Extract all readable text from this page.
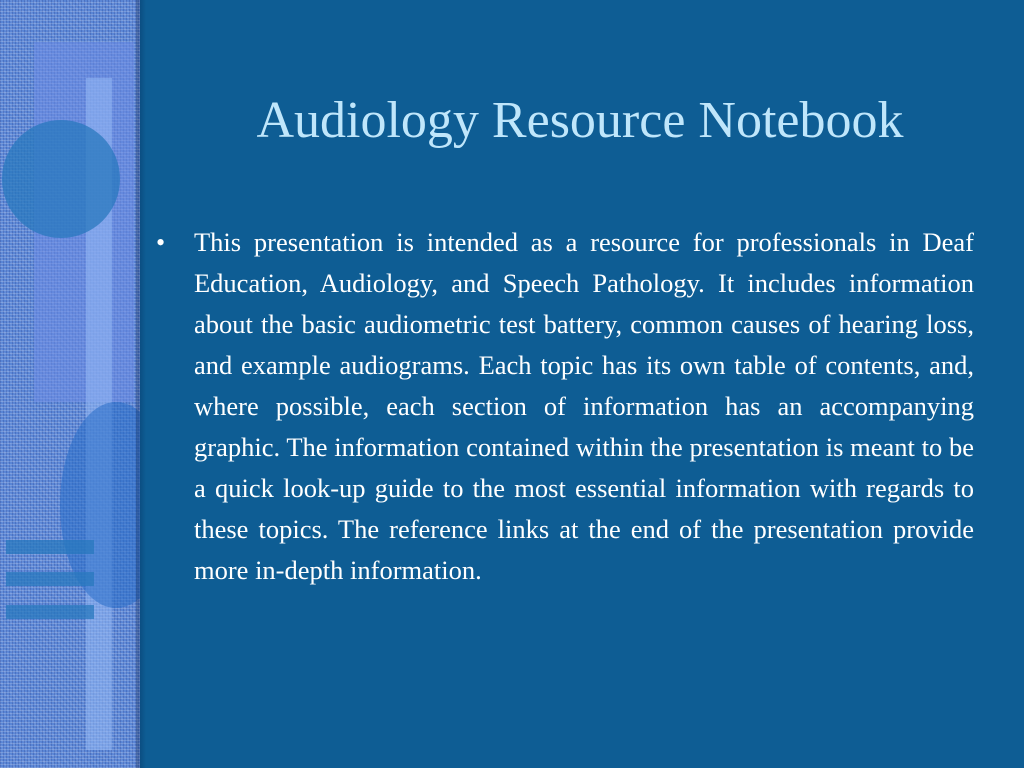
Audiology Resource Notebook
• This presentation is intended as a resource for professionals in Deaf Education, Audiology, and Speech Pathology. It includes information about the basic audiometric test battery, common causes of hearing loss, and example audiograms. Each topic has its own table of contents, and, where possible, each section of information has an accompanying graphic. The information contained within the presentation is meant to be a quick look-up guide to the most essential information with regards to these topics. The reference links at the end of the presentation provide more in-depth information.
